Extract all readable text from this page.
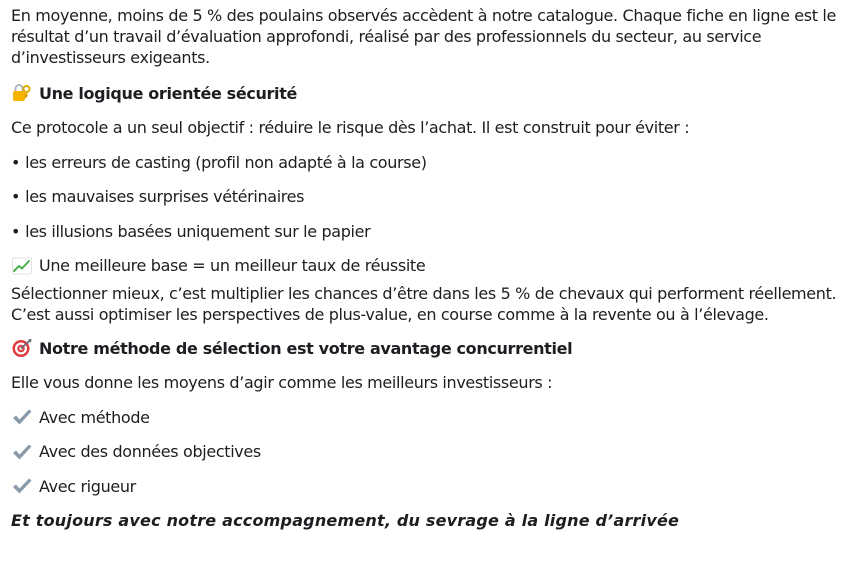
En moyenne, moins de 5 % des poulains observés accèdent à notre catalogue. Chaque fiche en ligne est le résultat d’un travail d’évaluation approfondi, réalisé par des professionnels du secteur, au service d’investisseurs exigeants.

Une logique orientée sécurité
Ce protocole a un seul objectif : réduire le risque dès l’achat. Il est construit pour éviter :
• les erreurs de casting (profil non adapté à la course)
• les mauvaises surprises vétérinaires
• les illusions basées uniquement sur le papier
Une meilleure base = un meilleur taux de réussite

Sélectionner mieux, c’est multiplier les chances d’être dans les 5 % de chevaux qui performent réellement. C’est aussi optimiser les perspectives de plus-value, en course comme à la revente ou à l’élevage.

Notre méthode de sélection est votre avantage concurrentiel
Elle vous donne les moyens d’agir comme les meilleurs investisseurs :
Avec méthode
Avec des données objectives
Avec rigueur
Et toujours avec notre accompagnement, du sevrage à la ligne d’arrivée
